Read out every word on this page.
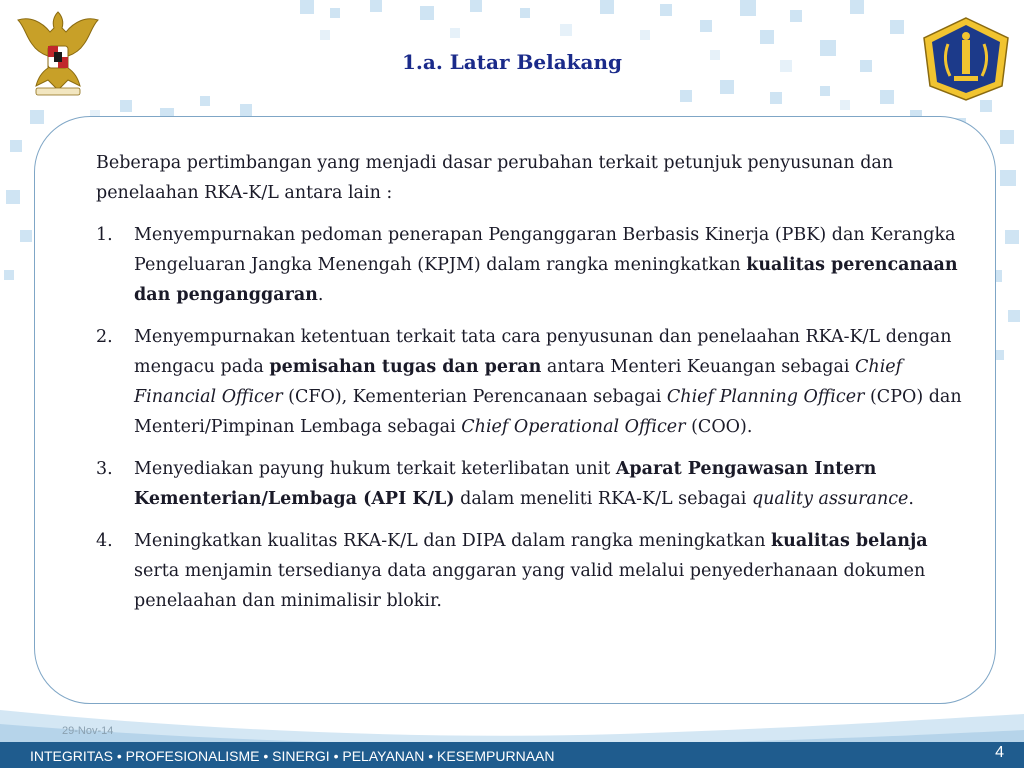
1.a. Latar Belakang

Beberapa pertimbangan yang menjadi dasar perubahan terkait petunjuk penyusunan dan penelaahan RKA-K/L antara lain :

1. Menyempurnakan pedoman penerapan Penganggaran Berbasis Kinerja (PBK) dan Kerangka Pengeluaran Jangka Menengah (KPJM) dalam rangka meningkatkan kualitas perencanaan dan penganggaran.
2. Menyempurnakan ketentuan terkait tata cara penyusunan dan penelaahan RKA-K/L dengan mengacu pada pemisahan tugas dan peran antara Menteri Keuangan sebagai Chief Financial Officer (CFO), Kementerian Perencanaan sebagai Chief Planning Officer (CPO) dan Menteri/Pimpinan Lembaga sebagai Chief Operational Officer (COO).
3. Menyediakan payung hukum terkait keterlibatan unit Aparat Pengawasan Intern Kementerian/Lembaga (API K/L) dalam meneliti RKA-K/L sebagai quality assurance.
4. Meningkatkan kualitas RKA-K/L dan DIPA dalam rangka meningkatkan kualitas belanja serta menjamin tersedianya data anggaran yang valid melalui penyederhanaan dokumen penelaahan dan minimalisir blokir.
29-Nov-14
INTEGRITAS • PROFESIONALISME • SINERGI • PELAYANAN • KESEMPURNAAN	4
